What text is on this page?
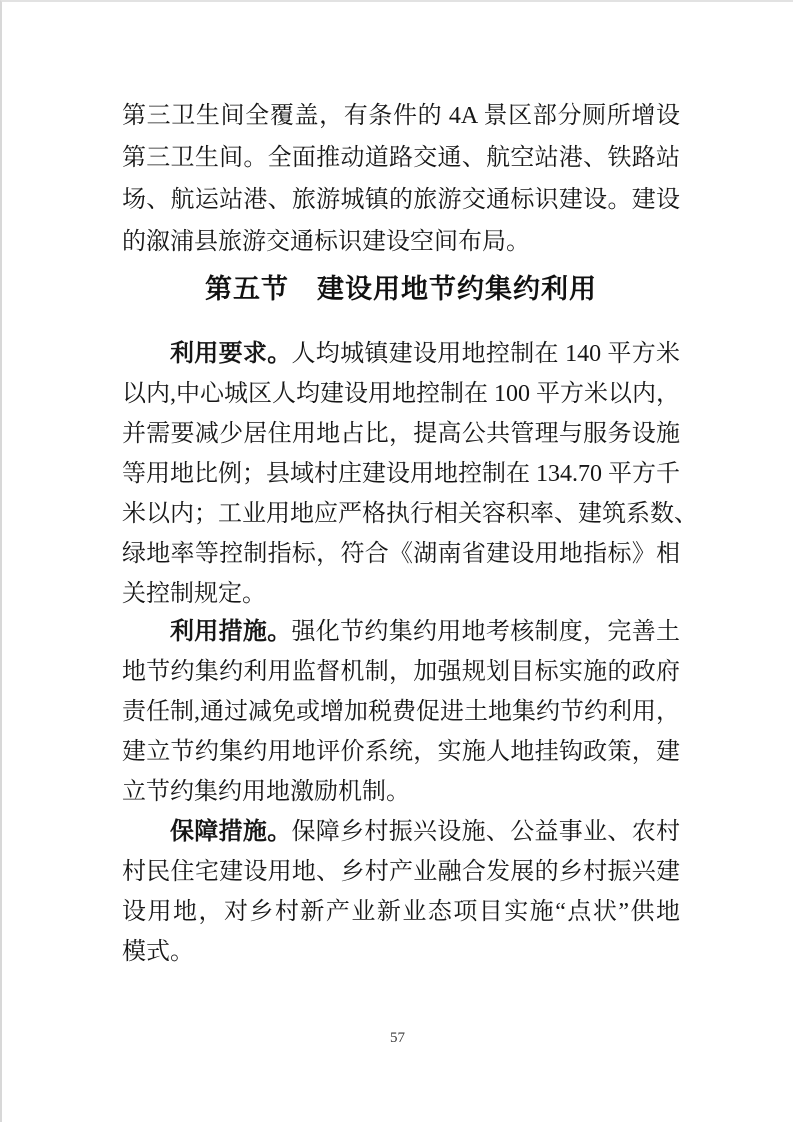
第三卫生间全覆盖，有条件的 4A 景区部分厕所增设
第三卫生间。全面推动道路交通、航空站港、铁路站
场、航运站港、旅游城镇的旅游交通标识建设。建设
的溆浦县旅游交通标识建设空间布局。
第五节　建设用地节约集约利用
利用要求。人均城镇建设用地控制在 140 平方米
以内,中心城区人均建设用地控制在 100 平方米以内，
并需要减少居住用地占比，提高公共管理与服务设施
等用地比例；县域村庄建设用地控制在 134.70 平方千
米以内；工业用地应严格执行相关容积率、建筑系数、
绿地率等控制指标，符合《湖南省建设用地指标》相
关控制规定。
利用措施。强化节约集约用地考核制度，完善土
地节约集约利用监督机制，加强规划目标实施的政府
责任制,通过减免或增加税费促进土地集约节约利用，
建立节约集约用地评价系统，实施人地挂钩政策，建
立节约集约用地激励机制。
保障措施。保障乡村振兴设施、公益事业、农村
村民住宅建设用地、乡村产业融合发展的乡村振兴建
设用地，对乡村新产业新业态项目实施“点状”供地
模式。
57
